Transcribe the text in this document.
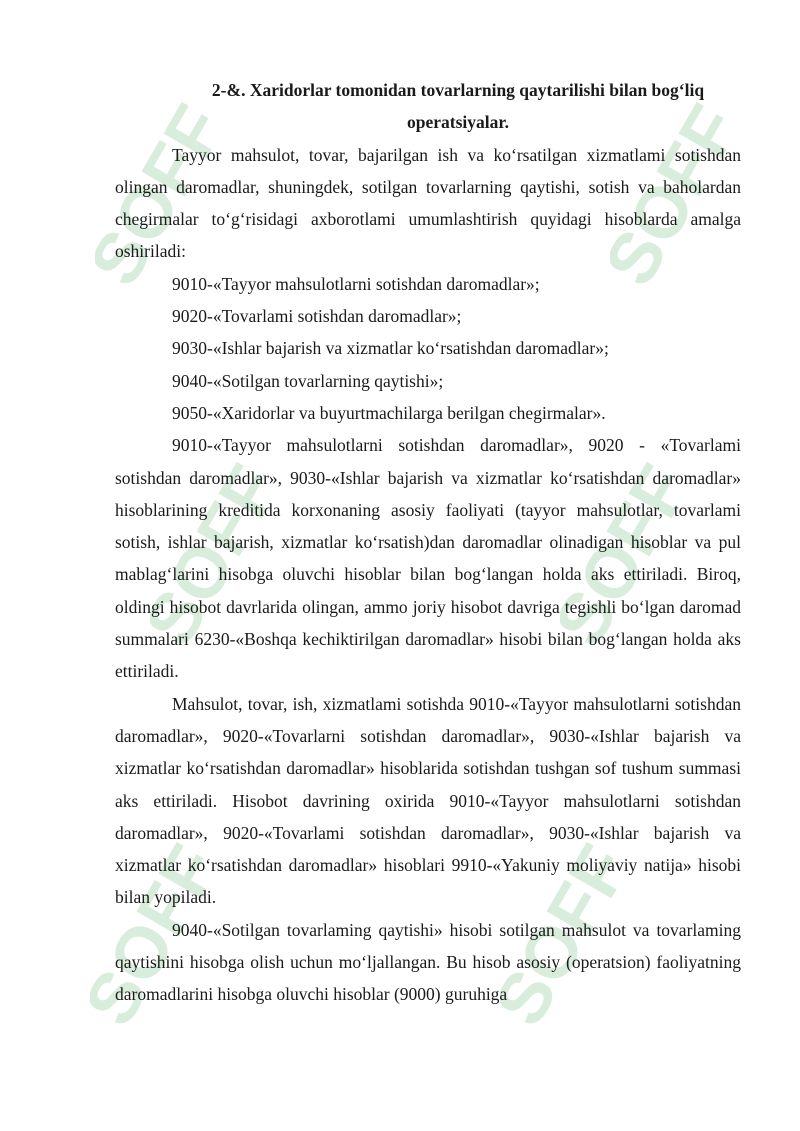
SOFF	SOFF
SOFF	SOFF
SOFF	SOFF
2-&. Xaridorlar tomonidan tovarlarning qaytarilishi bilan bog‘liq
operatsiyalar.

Tayyor mahsulot, tovar, bajarilgan ish va ko‘rsatilgan xizmatlami sotishdan olingan daromadlar, shuningdek, sotilgan tovarlarning qaytishi, sotish va baholardan chegirmalar to‘g‘risidagi axborotlami umumlashtirish quyidagi hisoblarda amalga oshiriladi:

9010-«Tayyor mahsulotlarni sotishdan daromadlar»;

9020-«Tovarlami sotishdan daromadlar»;

9030-«Ishlar bajarish va xizmatlar ko‘rsatishdan daromadlar»;

9040-«Sotilgan tovarlarning qaytishi»;

9050-«Xaridorlar va buyurtmachilarga berilgan chegirmalar».

9010-«Tayyor mahsulotlarni sotishdan daromadlar», 9020 - «Tovarlami sotishdan daromadlar», 9030-«Ishlar bajarish va xizmatlar ko‘rsatishdan daromadlar» hisoblarining kreditida korxonaning asosiy faoliyati (tayyor mahsulotlar, tovarlami sotish, ishlar bajarish, xizmatlar ko‘rsatish)dan daromadlar olinadigan hisoblar va pul mablag‘larini hisobga oluvchi hisoblar bilan bog‘langan holda aks ettiriladi. Biroq, oldingi hisobot davrlarida olingan, ammo joriy hisobot davriga tegishli bo‘lgan daromad summalari 6230-«Boshqa kechiktirilgan daromadlar» hisobi bilan bog‘langan holda aks ettiriladi.

Mahsulot, tovar, ish, xizmatlami sotishda 9010-«Tayyor mahsulotlarni sotishdan daromadlar», 9020-«Tovarlarni sotishdan daromadlar», 9030-«Ishlar bajarish va xizmatlar ko‘rsatishdan daromadlar» hisoblarida sotishdan tushgan sof tushum summasi aks ettiriladi. Hisobot davrining oxirida 9010-«Tayyor mahsulotlarni sotishdan daromadlar», 9020-«Tovarlami sotishdan daromadlar», 9030-«Ishlar bajarish va xizmatlar ko‘rsatishdan daromadlar» hisoblari 9910-«Yakuniy moliyaviy natija» hisobi bilan yopiladi.

9040-«Sotilgan tovarlaming qaytishi» hisobi sotilgan mahsulot va tovarlaming qaytishini hisobga olish uchun mo‘ljallangan. Bu hisob asosiy (operatsion) faoliyatning daromadlarini hisobga oluvchi hisoblar (9000) guruhiga
